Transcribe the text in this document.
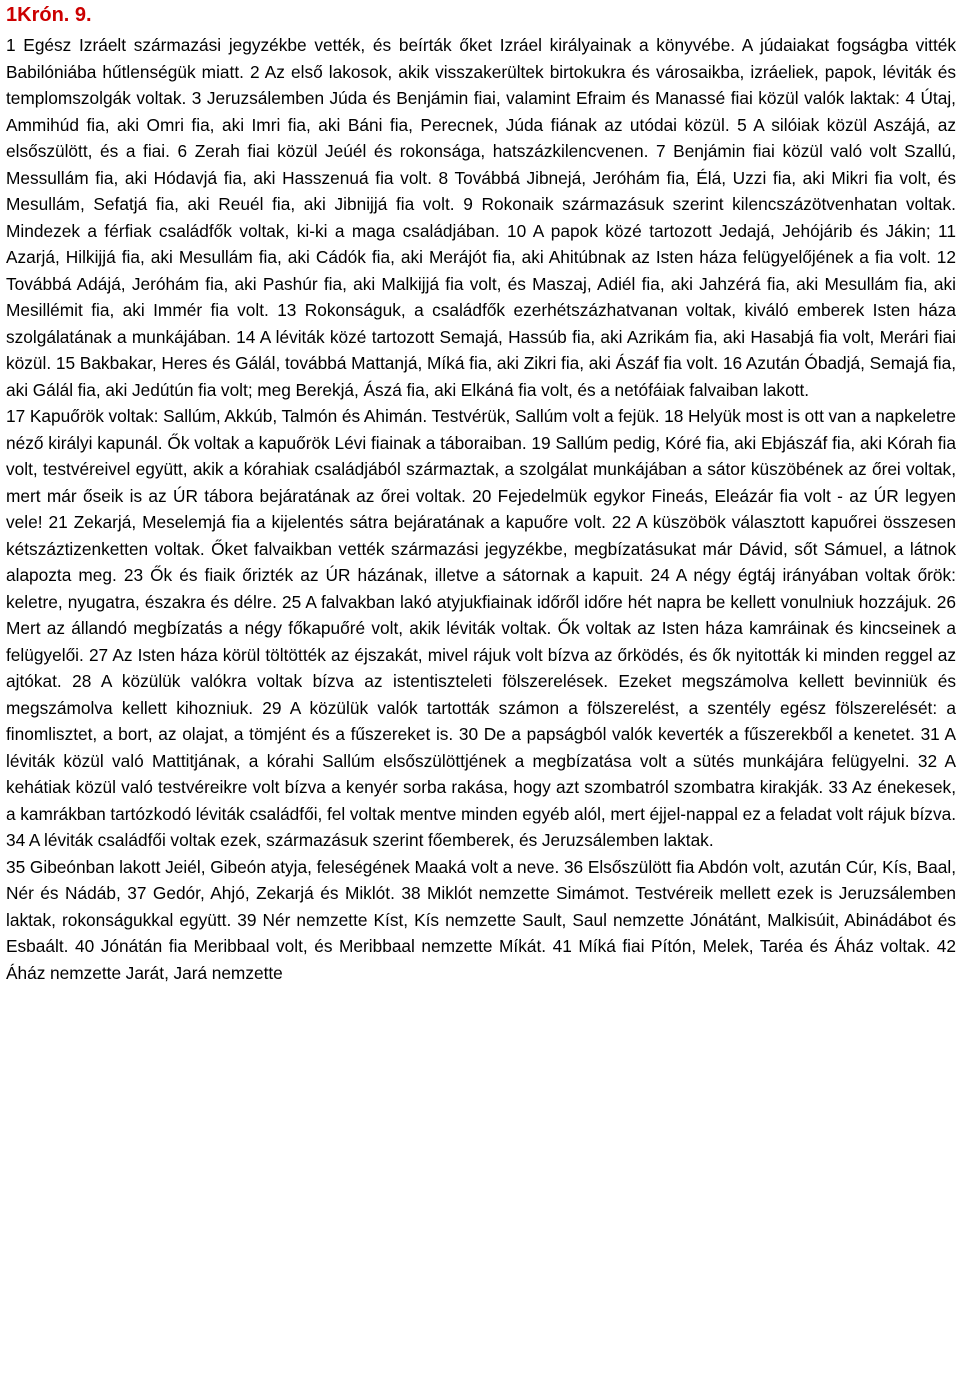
1Krón. 9.

1 Egész Izráelt származási jegyzékbe vették, és beírták őket Izráel királyainak a könyvébe. A júdaiakat fogságba vitték Babilóniába hűtlenségük miatt. 2 Az első lakosok, akik visszakerültek birtokukra és városaikba, izráeliek, papok, léviták és templomszolgák voltak. 3 Jeruzsálemben Júda és Benjámin fiai, valamint Efraim és Manassé fiai közül valók laktak: 4 Útaj, Ammihúd fia, aki Omri fia, aki Imri fia, aki Báni fia, Perecnek, Júda fiának az utódai közül. 5 A silóiak közül Aszájá, az elsőszülött, és a fiai. 6 Zerah fiai közül Jeúél és rokonsága, hatszázkilencvenen. 7 Benjámin fiai közül való volt Szallú, Messullám fia, aki Hódavjá fia, aki Hasszenuá fia volt. 8 Továbbá Jibnejá, Jeróhám fia, Élá, Uzzi fia, aki Mikri fia volt, és Mesullám, Sefatjá fia, aki Reuél fia, aki Jibnijjá fia volt. 9 Rokonaik származásuk szerint kilencszázötvenhatan voltak. Mindezek a férfiak családfők voltak, ki-ki a maga családjában. 10 A papok közé tartozott Jedajá, Jehójárib és Jákin; 11 Azarjá, Hilkijjá fia, aki Mesullám fia, aki Cádók fia, aki Merájót fia, aki Ahitúbnak az Isten háza felügyelőjének a fia volt. 12 Továbbá Adájá, Jeróhám fia, aki Pashúr fia, aki Malkijjá fia volt, és Maszaj, Adiél fia, aki Jahzérá fia, aki Mesullám fia, aki Mesillémit fia, aki Immér fia volt. 13 Rokonságuk, a családfők ezerhétszázhatvanan voltak, kiváló emberek Isten háza szolgálatának a munkájában. 14 A léviták közé tartozott Semajá, Hassúb fia, aki Azrikám fia, aki Hasabjá fia volt, Merári fiai közül. 15 Bakbakar, Heres és Gálál, továbbá Mattanjá, Míká fia, aki Zikri fia, aki Ászáf fia volt. 16 Azután Óbadjá, Semajá fia, aki Gálál fia, aki Jedútún fia volt; meg Berekjá, Ászá fia, aki Elkáná fia volt, és a netófáiak falvaiban lakott.

17 Kapuőrök voltak: Sallúm, Akkúb, Talmón és Ahimán. Testvérük, Sallúm volt a fejük. 18 Helyük most is ott van a napkeletre néző királyi kapunál. Ők voltak a kapuőrök Lévi fiainak a táboraiban. 19 Sallúm pedig, Kóré fia, aki Ebjászáf fia, aki Kórah fia volt, testvéreivel együtt, akik a kórahiak családjából származtak, a szolgálat munkájában a sátor küszöbének az őrei voltak, mert már őseik is az ÚR tábora bejáratának az őrei voltak. 20 Fejedelmük egykor Fineás, Eleázár fia volt - az ÚR legyen vele! 21 Zekarjá, Meselemjá fia a kijelentés sátra bejáratának a kapuőre volt. 22 A küszöbök választott kapuőrei összesen kétszáztizenketten voltak. Őket falvaikban vették származási jegyzékbe, megbízatásukat már Dávid, sőt Sámuel, a látnok alapozta meg. 23 Ők és fiaik őrizték az ÚR házának, illetve a sátornak a kapuit. 24 A négy égtáj irányában voltak őrök: keletre, nyugatra, északra és délre. 25 A falvakban lakó atyjukfiainak időről időre hét napra be kellett vonulniuk hozzájuk. 26 Mert az állandó megbízatás a négy főkapuőré volt, akik léviták voltak. Ők voltak az Isten háza kamráinak és kincseinek a felügyelői. 27 Az Isten háza körül töltötték az éjszakát, mivel rájuk volt bízva az őrködés, és ők nyitották ki minden reggel az ajtókat. 28 A közülük valókra voltak bízva az istentiszteleti fölszerelések. Ezeket megszámolva kellett bevinniük és megszámolva kellett kihozniuk. 29 A közülük valók tartották számon a fölszerelést, a szentély egész fölszerelését: a finomlisztet, a bort, az olajat, a tömjént és a fűszereket is. 30 De a papságból valók keverték a fűszerekből a kenetet. 31 A léviták közül való Mattitjának, a kórahi Sallúm elsőszülöttjének a megbízatása volt a sütés munkájára felügyelni. 32 A kehátiak közül való testvéreikre volt bízva a kenyér sorba rakása, hogy azt szombatról szombatra kirakják. 33 Az énekesek, a kamrákban tartózkodó léviták családfői, fel voltak mentve minden egyéb alól, mert éjjel-nappal ez a feladat volt rájuk bízva. 34 A léviták családfői voltak ezek, származásuk szerint főemberek, és Jeruzsálemben laktak.

35 Gibeónban lakott Jeiél, Gibeón atyja, feleségének Maaká volt a neve. 36 Elsőszülött fia Abdón volt, azután Cúr, Kís, Baal, Nér és Nádáb, 37 Gedór, Ahjó, Zekarjá és Miklót. 38 Miklót nemzette Simámot. Testvéreik mellett ezek is Jeruzsálemben laktak, rokonságukkal együtt. 39 Nér nemzette Kíst, Kís nemzette Sault, Saul nemzette Jónátánt, Malkisúit, Abinádábot és Esbaált. 40 Jónátán fia Meribbaal volt, és Meribbaal nemzette Míkát. 41 Míká fiai Pítón, Melek, Taréa és Áház voltak. 42 Áház nemzette Jarát, Jará nemzette
